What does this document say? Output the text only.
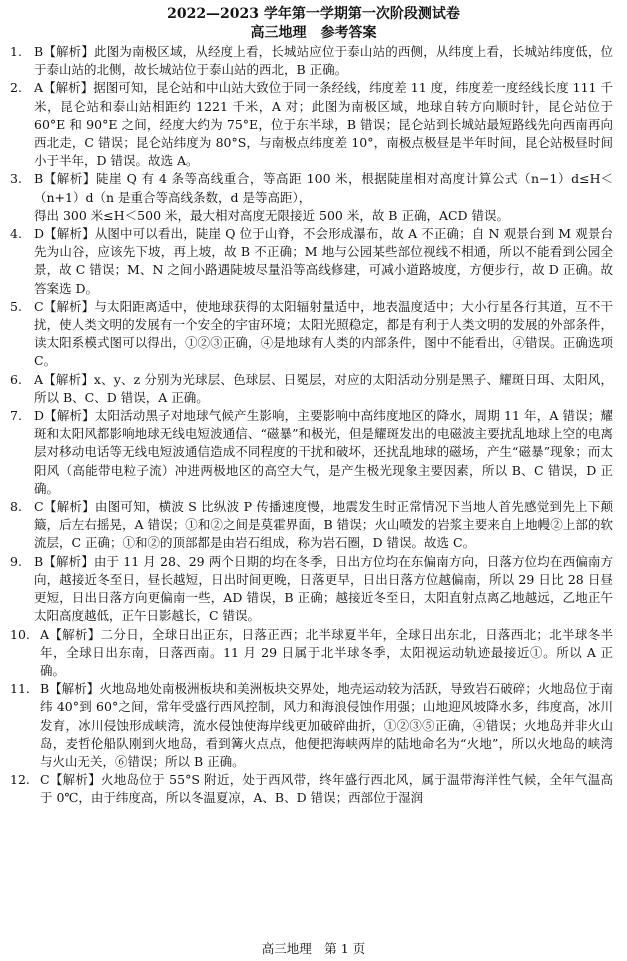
2022—2023 学年第一学期第一次阶段测试卷
高三地理　参考答案
1. B【解析】此图为南极区域，从经度上看，长城站应位于泰山站的西侧，从纬度上看，长城站纬度低，位于泰山站的北侧，故长城站位于泰山站的西北，B 正确。

2. A【解析】据图可知，昆仑站和中山站大致位于同一条经线，纬度差 11 度，纬度差一度经线长度 111 千米，昆仑站和泰山站相距约 1221 千米，A 对；此图为南极区域，地球自转方向顺时针，昆仑站位于 60°E 和 90°E 之间，经度大约为 75°E，位于东半球，B 错误；昆仑站到长城站最短路线先向西南再向西北走，C 错误；昆仑站纬度为 80°S，与南极点纬度差 10°，南极点极昼是半年时间，昆仑站极昼时间小于半年，D 错误。故选 A。

3. B【解析】陡崖 Q 有 4 条等高线重合，等高距 100 米，根据陡崖相对高度计算公式（n−1）d≤H＜（n+1）d（n 是重合等高线条数，d 是等高距），

得出 300 米≤H＜500 米，最大相对高度无限接近 500 米，故 B 正确，ACD 错误。

4. D【解析】从图中可以看出，陡崖 Q 位于山脊，不会形成瀑布，故 A 不正确；自 N 观景台到 M 观景台先为山谷，应该先下坡，再上坡，故 B 不正确；M 地与公园某些部位视线不相通，所以不能看到公园全景，故 C 错误；M、N 之间小路遇陡坡尽量沿等高线修建，可减小道路坡度，方便步行，故 D 正确。故答案选 D。

5. C【解析】与太阳距离适中，使地球获得的太阳辐射量适中，地表温度适中；大小行星各行其道，互不干扰，使人类文明的发展有一个安全的宇宙环境；太阳光照稳定，都是有利于人类文明的发展的外部条件，读太阳系模式图可以得出，①②③正确，④是地球有人类的内部条件，图中不能看出，④错误。正确选项 C。

6. A【解析】x、y、z 分别为光球层、色球层、日冕层，对应的太阳活动分别是黑子、耀斑日珥、太阳风，所以 B、C、D 错误，A 正确。

7. D【解析】太阳活动黑子对地球气候产生影响，主要影响中高纬度地区的降水，周期 11 年，A 错误；耀斑和太阳风都影响地球无线电短波通信、“磁暴”和极光，但是耀斑发出的电磁波主要扰乱地球上空的电离层对移动电话等无线电短波通信造成不同程度的干扰和破坏，还扰乱地球的磁场，产生“磁暴”现象；而太阳风（高能带电粒子流）冲进两极地区的高空大气，是产生极光现象主要因素，所以 B、C 错误，D 正确。

8. C【解析】由图可知，横波 S 比纵波 P 传播速度慢，地震发生时正常情况下当地人首先感觉到先上下颠簸，后左右摇晃，A 错误；①和②之间是莫霍界面，B 错误；火山喷发的岩浆主要来自上地幔②上部的软流层，C 正确；①和②的顶部都是由岩石组成，称为岩石圈，D 错误。故选 C。

9. B【解析】由于 11 月 28、29 两个日期的均在冬季，日出方位均在东偏南方向，日落方位均在西偏南方向，越接近冬至日，昼长越短，日出时间更晚，日落更早，日出日落方位越偏南，所以 29 日比 28 日昼更短，日出日落方向更偏南一些，AD 错误，B 正确；越接近冬至日，太阳直射点离乙地越远，乙地正午太阳高度越低，正午日影越长，C 错误。

10. A【解析】二分日，全球日出正东，日落正西；北半球夏半年，全球日出东北，日落西北；北半球冬半年，全球日出东南，日落西南。11 月 29 日属于北半球冬季，太阳视运动轨迹最接近①。所以 A 正确。

11. B【解析】火地岛地处南极洲板块和美洲板块交界处，地壳运动较为活跃，导致岩石破碎；火地岛位于南纬 40°到 60°之间，常年受盛行西风控制，风力和海浪侵蚀作用强；山地迎风坡降水多，纬度高，冰川发育，冰川侵蚀形成峡湾，流水侵蚀使海岸线更加破碎曲折，①②③⑤正确，④错误；火地岛并非火山岛，麦哲伦船队刚到火地岛，看到篝火点点，他便把海峡两岸的陆地命名为“火地”，所以火地岛的峡湾与火山无关，⑥错误；所以 B 正确。

12. C【解析】火地岛位于 55°S 附近，处于西风带，终年盛行西北风，属于温带海洋性气候，全年气温高于 0℃，由于纬度高，所以冬温夏凉，A、B、D 错误；西部位于湿润

高三地理　第 1 页
